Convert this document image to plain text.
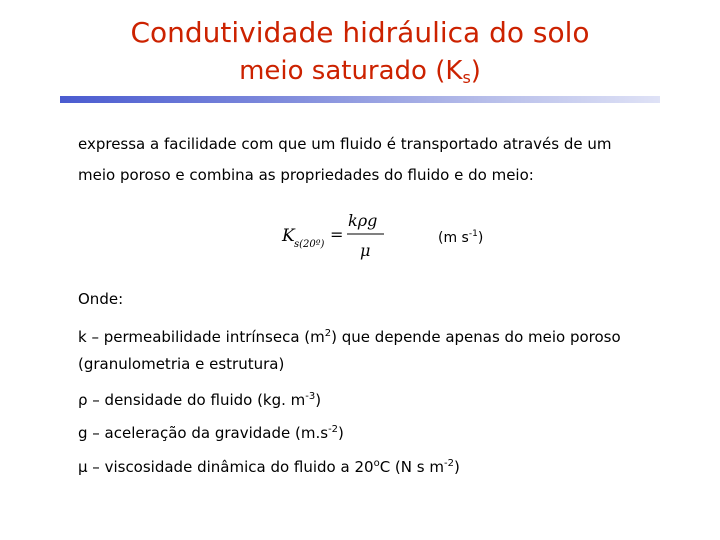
Condutividade hidráulica do solo
meio saturado $(K_s)$
expressa a facilidade com que um fluido é transportado através de um
meio poroso e combina as propriedades do fluido e do meio:
K s(20º)
=
kρg
μ
(m $s^{-1}$)
Onde:
k – permeabilidade intrínseca $(m^2)$ que depende apenas do meio poroso
(granulometria e estrutura)
ρ – densidade do fluido (kg. $m^{-3}$)
g – aceleração da gravidade $(m.s^{-2})$
μ – viscosidade dinâmica do fluido a 20$^o$C (N s $m^{-2}$)
